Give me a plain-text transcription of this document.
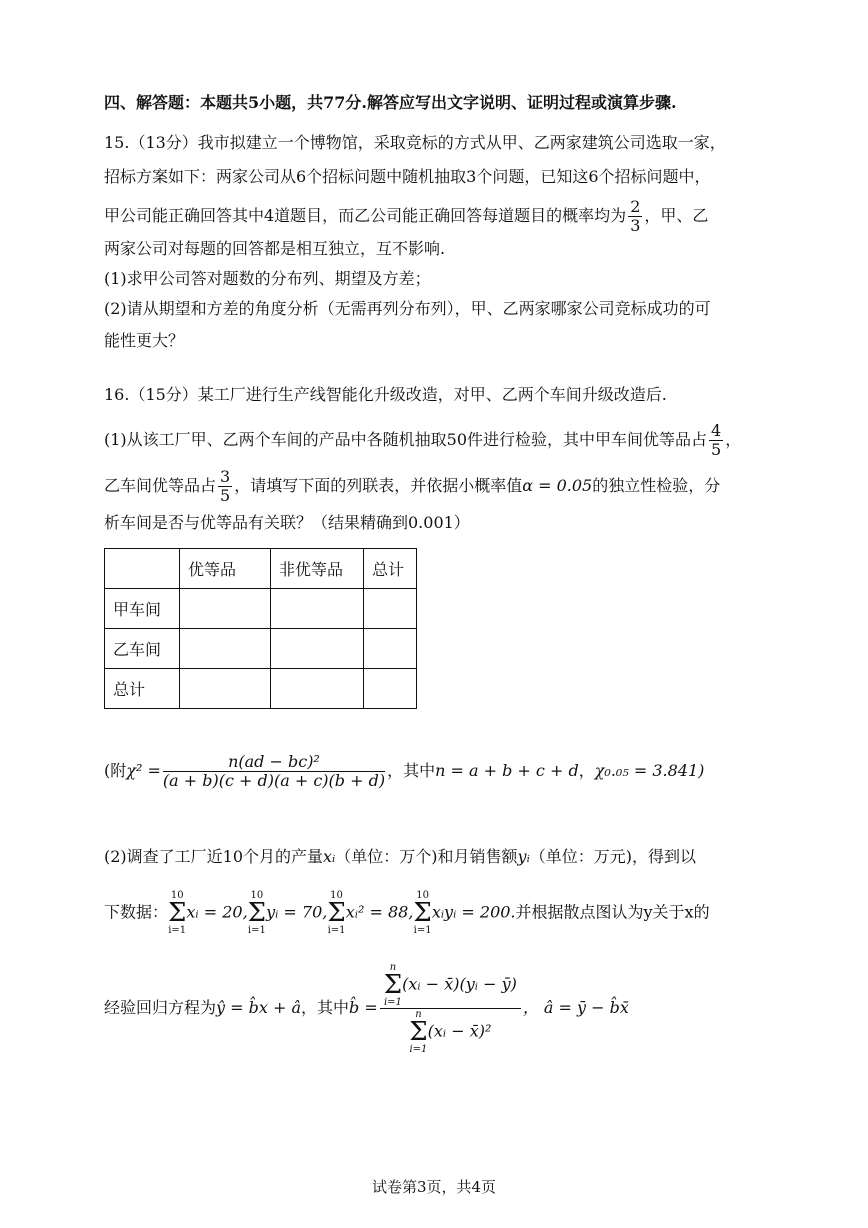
四、解答题：本题共5小题，共77分.解答应写出文字说明、证明过程或演算步骤.
15.（13分）我市拟建立一个博物馆，采取竞标的方式从甲、乙两家建筑公司选取一家，
招标方案如下：两家公司从6个招标问题中随机抽取3个问题，已知这6个招标问题中，
甲公司能正确回答其中4道题目，而乙公司能正确回答每道题目的概率均为 $\frac{2}{3}$ ，甲、乙
两家公司对每题的回答都是相互独立，互不影响.
(1)求甲公司答对题数的分布列、期望及方差；
(2)请从期望和方差的角度分析（无需再列分布列），甲、乙两家哪家公司竞标成功的可
能性更大？
16.（15分）某工厂进行生产线智能化升级改造，对甲、乙两个车间升级改造后.
(1)从该工厂甲、乙两个车间的产品中各随机抽取50件进行检验，其中甲车间优等品占 $\frac{4}{5}$ ，
乙车间优等品占 $\frac{3}{5}$ ，请填写下面的列联表，并依据小概率值α = 0.05的独立性检验，分
析车间是否与优等品有关联？（结果精确到0.001）
	优等品	非优等品	总计
甲车间			
乙车间			
总计			
(附$\chi^2 = \frac{\text{n(ad − bc)²}}{(a + b)(c + d)(a + c)(b + d)}$ ，其中n = a + b + c + d，χ₀.₀₅ = 3.841)
(2)调查了工厂近10个月的产量xᵢ（单位：万个)和月销售额yᵢ（单位：万元)，得到以
下数据：10
Σ
i=1xᵢ = 20,10
Σ
i=1yᵢ = 70,10
Σ
i=1xᵢ² = 88,10
Σ
i=1xᵢyᵢ = 200.并根据散点图认为y关于x的
经验回归方程为ŷ = b̂x + â，其中b̂ = n
Σ
i=1(xᵢ − x̄)(yᵢ − ȳ)
n
Σ
i=1(xᵢ − x̄)² ， â = ȳ − b̂x̄
试卷第3页，共4页
